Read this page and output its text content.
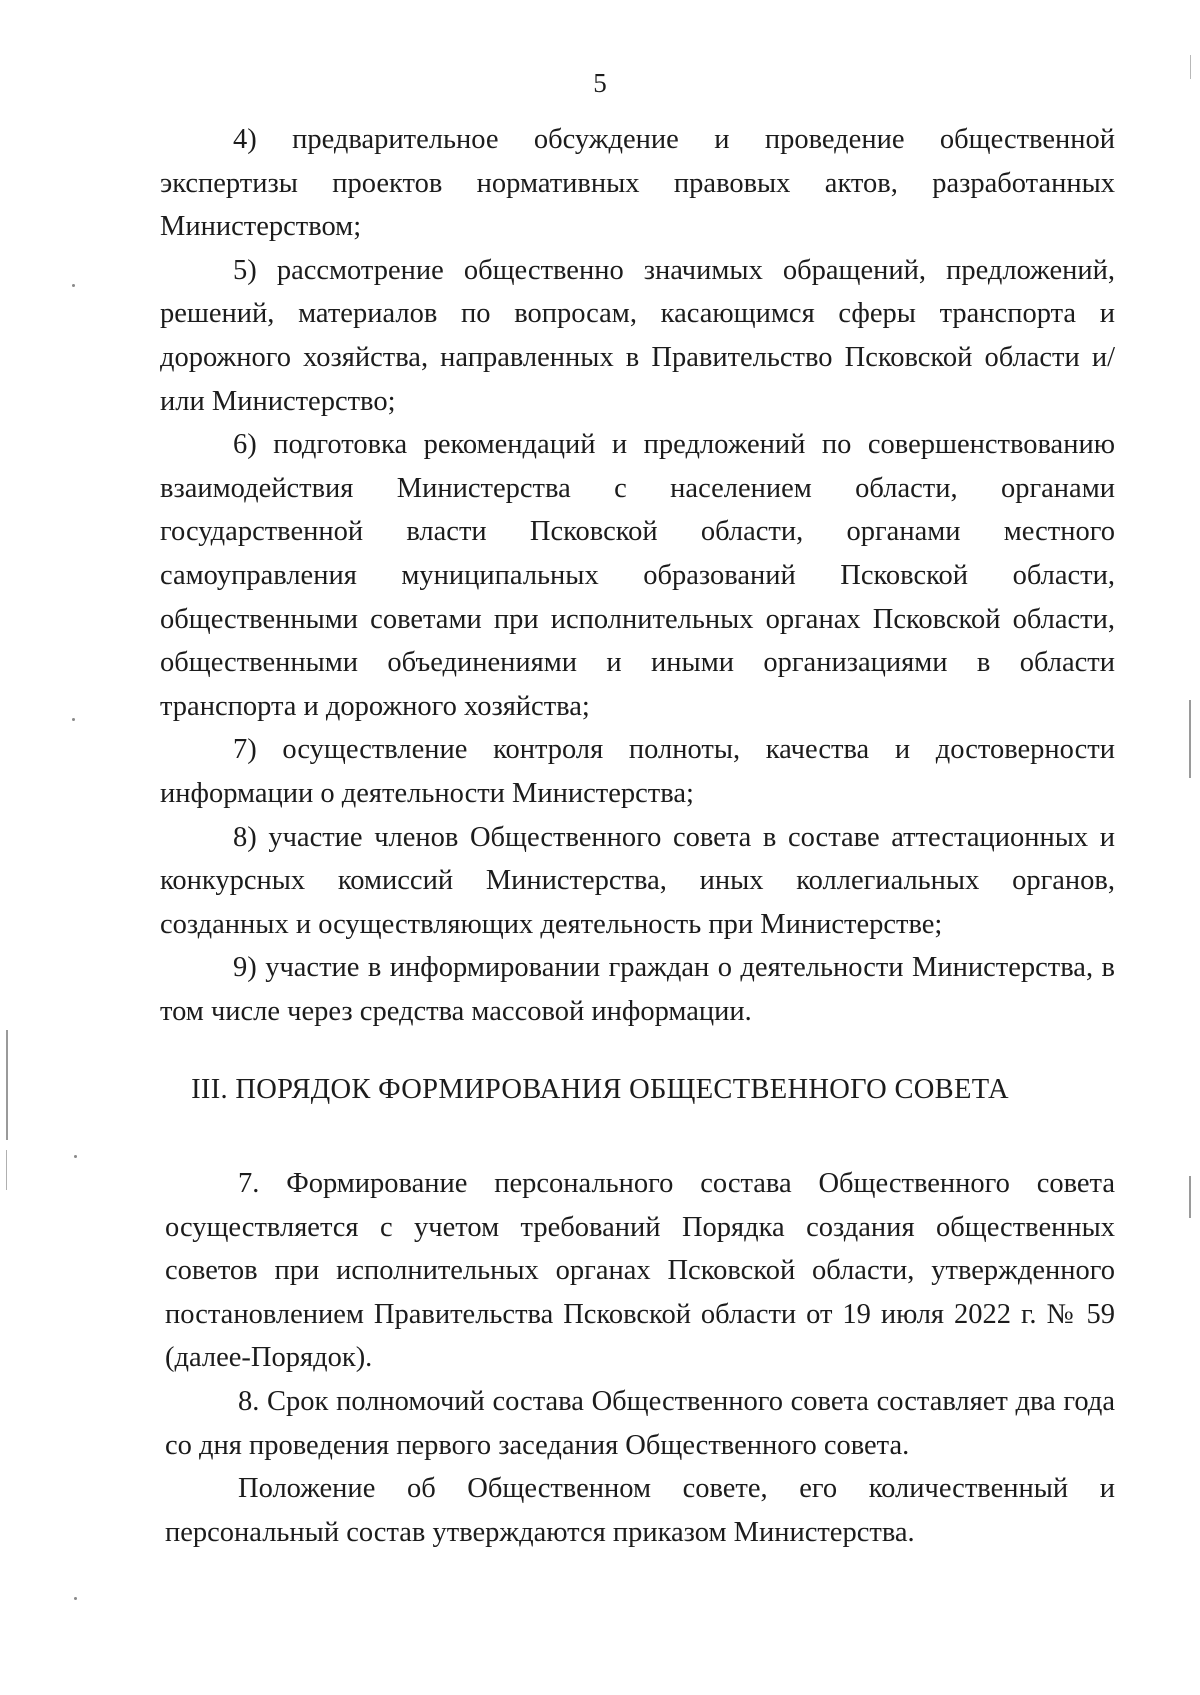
5

4) предварительное обсуждение и проведение общественной экспертизы проектов нормативных правовых актов, разработанных Министерством;

5) рассмотрение общественно значимых обращений, предложений, решений, материалов по вопросам, касающимся сферы транспорта и дорожного хозяйства, направленных в Правительство Псковской области и/или Министерство;

6) подготовка рекомендаций и предложений по совершенствованию взаимодействия Министерства с населением области, органами государственной власти Псковской области, органами местного самоуправления муниципальных образований Псковской области, общественными советами при исполнительных органах Псковской области, общественными объединениями и иными организациями в области транспорта и дорожного хозяйства;

7) осуществление контроля полноты, качества и достоверности информации о деятельности Министерства;

8) участие членов Общественного совета в составе аттестационных и конкурсных комиссий Министерства, иных коллегиальных органов, созданных и осуществляющих деятельность при Министерстве;

9) участие в информировании граждан о деятельности Министерства, в том числе через средства массовой информации.

III. ПОРЯДОК ФОРМИРОВАНИЯ ОБЩЕСТВЕННОГО СОВЕТА

7. Формирование персонального состава Общественного совета осуществляется с учетом требований Порядка создания общественных советов при исполнительных органах Псковской области, утвержденного постановлением Правительства Псковской области от 19 июля 2022 г. № 59 (далее-Порядок).

8. Срок полномочий состава Общественного совета составляет два года со дня проведения первого заседания Общественного совета.

Положение об Общественном совете, его количественный и персональный состав утверждаются приказом Министерства.
